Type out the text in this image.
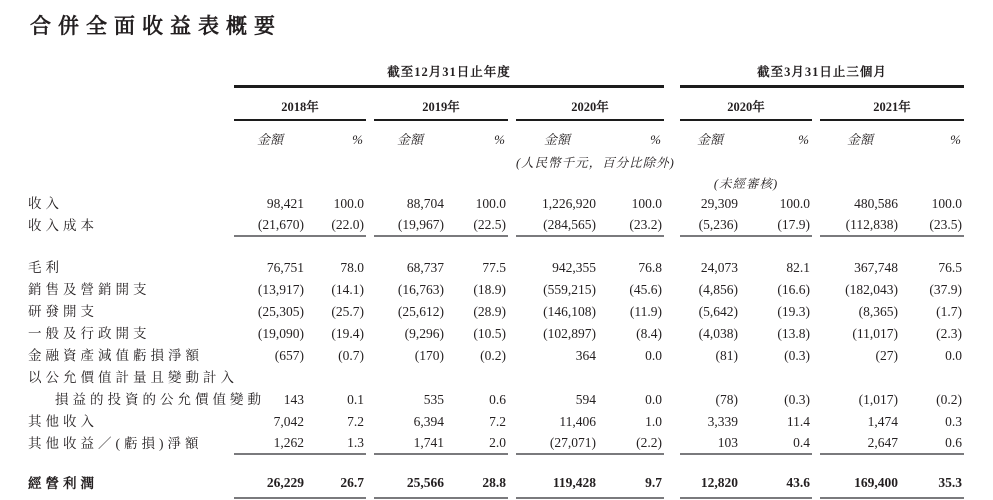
合併全面收益表概要
	截至12月31日止年度									截至3月31日止三個月				
	2018年			2019年			2020年			2020年			2021年	
	金額	%		金額	%		金額	%		金額	%		金額	%
							(人民幣千元，百分比除外)							
										(未經審核)				

收入	98,421	100.0		88,704	100.0		1,226,920	100.0		29,309	100.0		480,586	100.0
收入成本	(21,670)	(22.0)		(19,967)	(22.5)		(284,565)	(23.2)		(5,236)	(17.9)		(112,838)	(23.5)

毛利	76,751	78.0		68,737	77.5		942,355	76.8		24,073	82.1		367,748	76.5
銷售及營銷開支	(13,917)	(14.1)		(16,763)	(18.9)		(559,215)	(45.6)		(4,856)	(16.6)		(182,043)	(37.9)
研發開支	(25,305)	(25.7)		(25,612)	(28.9)		(146,108)	(11.9)		(5,642)	(19.3)		(8,365)	(1.7)
一般及行政開支	(19,090)	(19.4)		(9,296)	(10.5)		(102,897)	(8.4)		(4,038)	(13.8)		(11,017)	(2.3)
金融資產減值虧損淨額	(657)	(0.7)		(170)	(0.2)		364	0.0		(81)	(0.3)		(27)	0.0
以公允價值計量且變動計入														
損益的投資的公允價值變動	143	0.1		535	0.6		594	0.0		(78)	(0.3)		(1,017)	(0.2)
其他收入	7,042	7.2		6,394	7.2		11,406	1.0		3,339	11.4		1,474	0.3
其他收益／(虧損)淨額	1,262	1.3		1,741	2.0		(27,071)	(2.2)		103	0.4		2,647	0.6

經營利潤	26,229	26.7		25,566	28.8		119,428	9.7		12,820	43.6		169,400	35.3
